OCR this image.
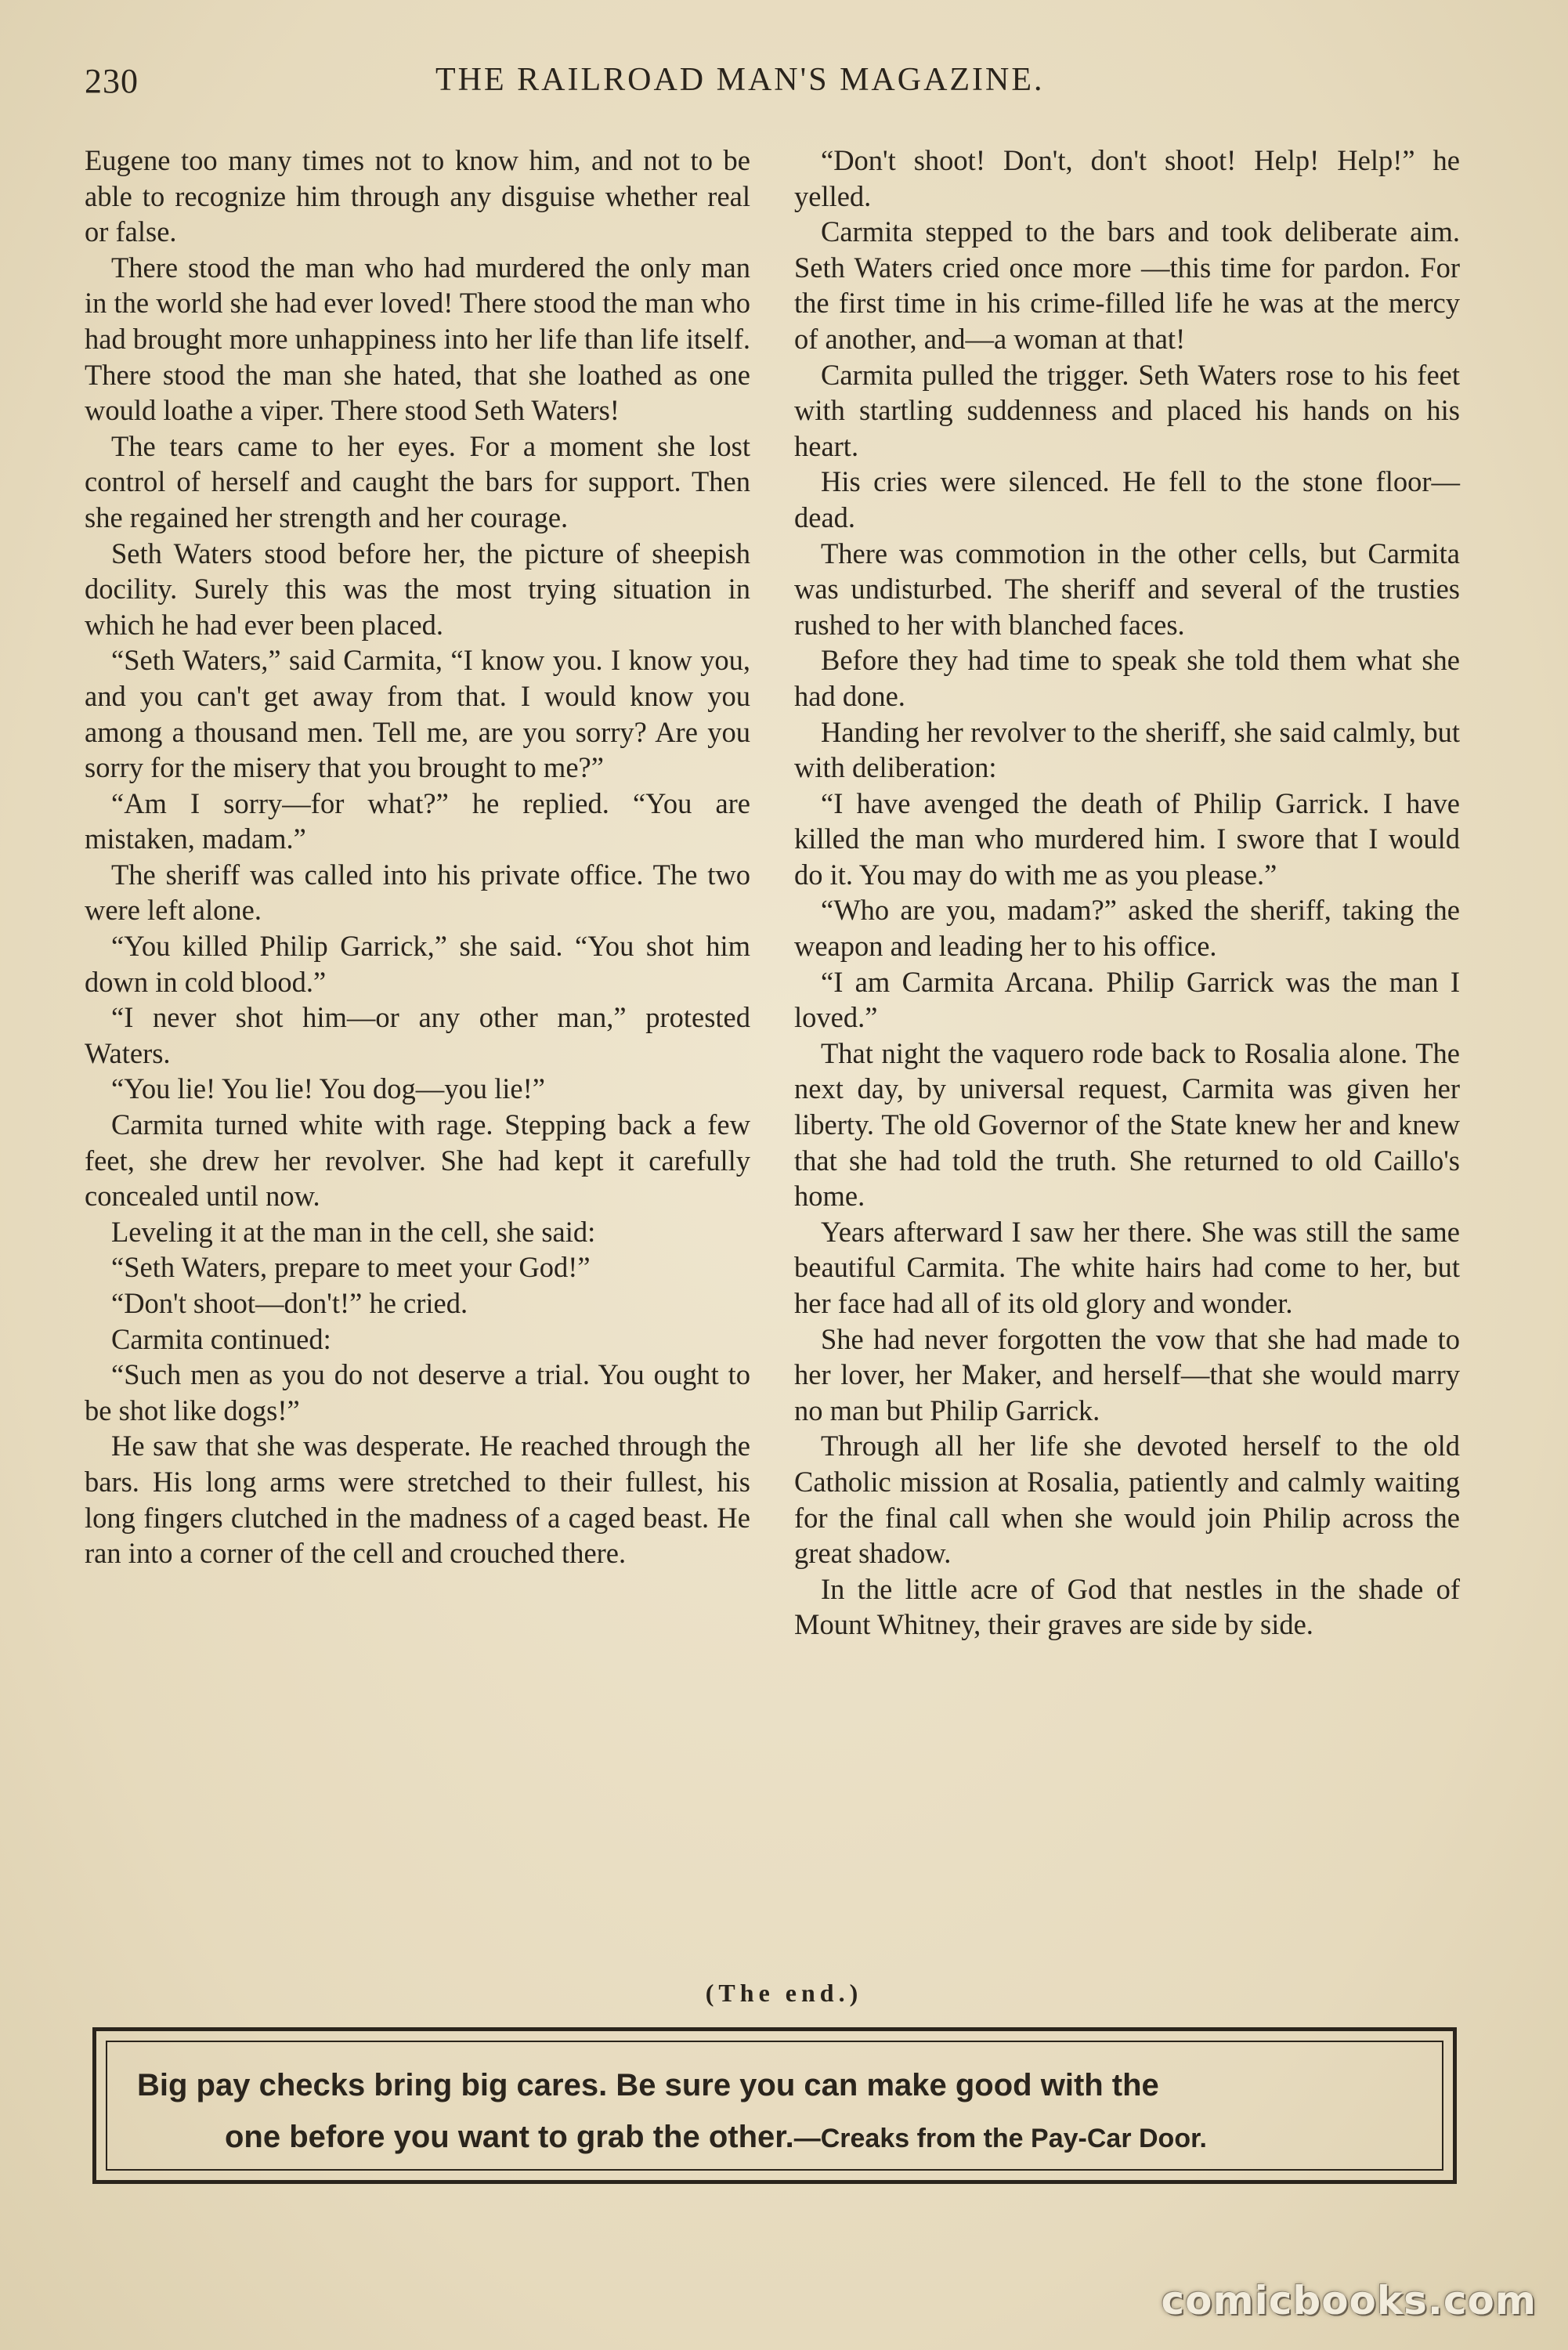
230	THE RAILROAD MAN'S MAGAZINE.

Eugene too many times not to know him, and not to be able to recognize him through any disguise whether real or false.

There stood the man who had murdered the only man in the world she had ever loved! There stood the man who had brought more unhappiness into her life than life itself. There stood the man she hated, that she loathed as one would loathe a viper. There stood Seth Waters!

The tears came to her eyes. For a moment she lost control of herself and caught the bars for support. Then she regained her strength and her courage.

Seth Waters stood before her, the picture of sheepish docility. Surely this was the most trying situation in which he had ever been placed.

“Seth Waters,” said Carmita, “I know you. I know you, and you can't get away from that. I would know you among a thousand men. Tell me, are you sorry? Are you sorry for the misery that you brought to me?”

“Am I sorry—for what?” he replied. “You are mistaken, madam.”

The sheriff was called into his private office. The two were left alone.

“You killed Philip Garrick,” she said. “You shot him down in cold blood.”

“I never shot him—or any other man,” protested Waters.

“You lie! You lie! You dog—you lie!”

Carmita turned white with rage. Stepping back a few feet, she drew her revolver. She had kept it carefully concealed until now.

Leveling it at the man in the cell, she said:

“Seth Waters, prepare to meet your God!”

“Don't shoot—don't!” he cried.

Carmita continued:

“Such men as you do not deserve a trial. You ought to be shot like dogs!”

He saw that she was desperate. He reached through the bars. His long arms were stretched to their fullest, his long fingers clutched in the madness of a caged beast. He ran into a corner of the cell and crouched there.

“Don't shoot! Don't, don't shoot! Help! Help!” he yelled.

Carmita stepped to the bars and took deliberate aim. Seth Waters cried once more —this time for pardon. For the first time in his crime-filled life he was at the mercy of another, and—a woman at that!

Carmita pulled the trigger. Seth Waters rose to his feet with startling suddenness and placed his hands on his heart.

His cries were silenced. He fell to the stone floor—dead.

There was commotion in the other cells, but Carmita was undisturbed. The sheriff and several of the trusties rushed to her with blanched faces.

Before they had time to speak she told them what she had done.

Handing her revolver to the sheriff, she said calmly, but with deliberation:

“I have avenged the death of Philip Garrick. I have killed the man who murdered him. I swore that I would do it. You may do with me as you please.”

“Who are you, madam?” asked the sheriff, taking the weapon and leading her to his office.

“I am Carmita Arcana. Philip Garrick was the man I loved.”

That night the vaquero rode back to Rosalia alone. The next day, by universal request, Carmita was given her liberty. The old Governor of the State knew her and knew that she had told the truth. She returned to old Caillo's home.

Years afterward I saw her there. She was still the same beautiful Carmita. The white hairs had come to her, but her face had all of its old glory and wonder.

She had never forgotten the vow that she had made to her lover, her Maker, and herself—that she would marry no man but Philip Garrick.

Through all her life she devoted herself to the old Catholic mission at Rosalia, patiently and calmly waiting for the final call when she would join Philip across the great shadow.

In the little acre of God that nestles in the shade of Mount Whitney, their graves are side by side.

(The end.)
Big pay checks bring big cares. Be sure you can make good with the
one before you want to grab the other.—Creaks from the Pay-Car Door.
comicbooks.com
